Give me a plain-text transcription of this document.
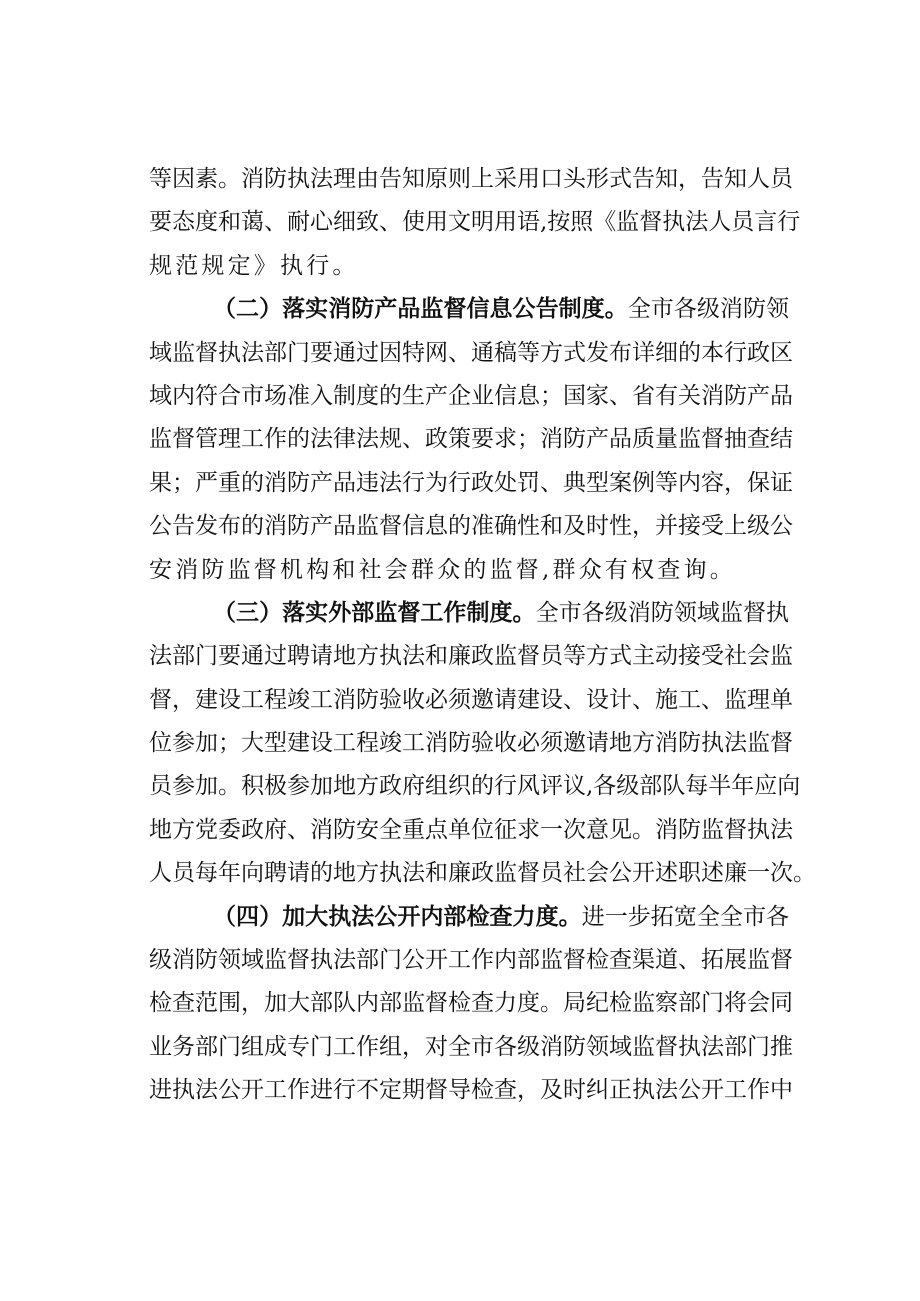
等因素。消防执法理由告知原则上采用口头形式告知，告知人员
要态度和蔼、耐心细致、使用文明用语,按照《监督执法人员言行
规范规定》执行。
（二）落实消防产品监督信息公告制度。全市各级消防领
域监督执法部门要通过因特网、通稿等方式发布详细的本行政区
域内符合市场准入制度的生产企业信息；国家、省有关消防产品
监督管理工作的法律法规、政策要求；消防产品质量监督抽查结
果；严重的消防产品违法行为行政处罚、典型案例等内容，保证
公告发布的消防产品监督信息的准确性和及时性，并接受上级公
安消防监督机构和社会群众的监督,群众有权查询。
（三）落实外部监督工作制度。全市各级消防领域监督执
法部门要通过聘请地方执法和廉政监督员等方式主动接受社会监
督，建设工程竣工消防验收必须邀请建设、设计、施工、监理单
位参加；大型建设工程竣工消防验收必须邀请地方消防执法监督
员参加。积极参加地方政府组织的行风评议,各级部队每半年应向
地方党委政府、消防安全重点单位征求一次意见。消防监督执法
人员每年向聘请的地方执法和廉政监督员社会公开述职述廉一次。
（四）加大执法公开内部检查力度。进一步拓宽全全市各
级消防领域监督执法部门公开工作内部监督检查渠道、拓展监督
检查范围，加大部队内部监督检查力度。局纪检监察部门将会同
业务部门组成专门工作组，对全市各级消防领域监督执法部门推
进执法公开工作进行不定期督导检查，及时纠正执法公开工作中
